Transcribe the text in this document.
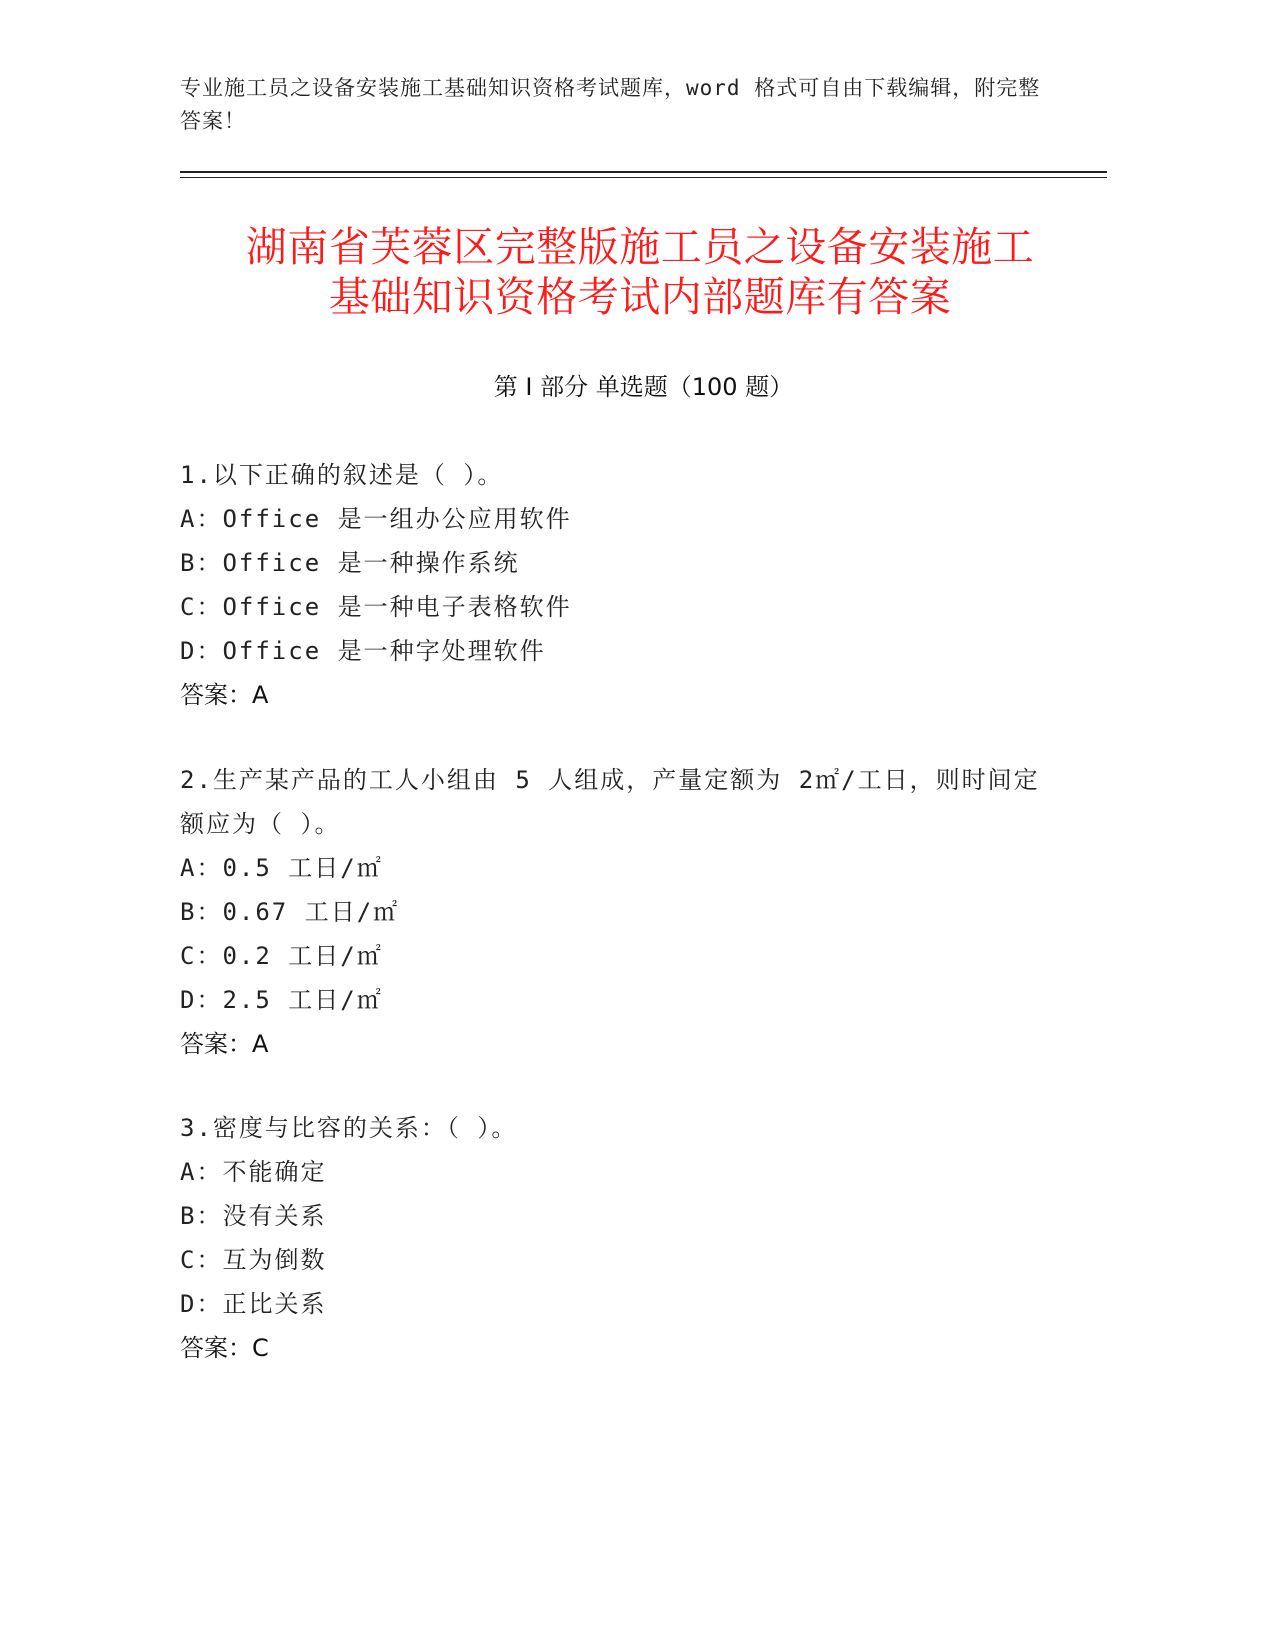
专业施工员之设备安装施工基础知识资格考试题库，word 格式可自由下载编辑，附完整答案！
湖南省芙蓉区完整版施工员之设备安装施工
基础知识资格考试内部题库有答案
第 I 部分 单选题（100 题）

1.以下正确的叙述是（ ）。

A：Office 是一组办公应用软件

B：Office 是一种操作系统

C：Office 是一种电子表格软件

D：Office 是一种字处理软件

答案：A

2.生产某产品的工人小组由 5 人组成，产量定额为 2㎡/工日，则时间定额应为（ ）。

A：0.5 工日/㎡

B：0.67 工日/㎡

C：0.2 工日/㎡

D：2.5 工日/㎡

答案：A

3.密度与比容的关系：（ ）。

A：不能确定

B：没有关系

C：互为倒数

D：正比关系

答案：C
